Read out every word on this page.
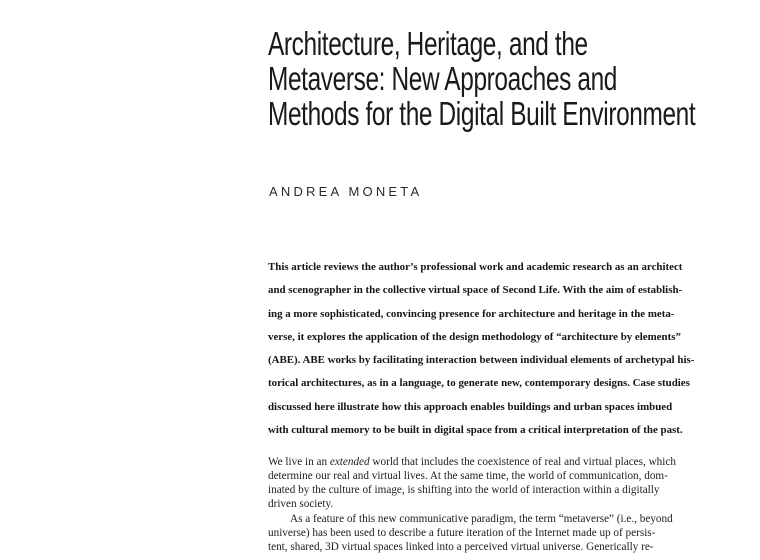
Architecture, Heritage, and the
Metaverse: New Approaches and
Methods for the Digital Built Environment

ANDREA MONETA

This article reviews the author’s professional work and academic research as an architect
and scenographer in the collective virtual space of Second Life. With the aim of establish-
ing a more sophisticated, convincing presence for architecture and heritage in the meta-
verse, it explores the application of the design methodology of “architecture by elements”
(ABE). ABE works by facilitating interaction between individual elements of archetypal his-
torical architectures, as in a language, to generate new, contemporary designs. Case studies
discussed here illustrate how this approach enables buildings and urban spaces imbued
with cultural memory to be built in digital space from a critical interpretation of the past.

We live in an extended world that includes the coexistence of real and virtual places, which
determine our real and virtual lives. At the same time, the world of communication, dom-
inated by the culture of image, is shifting into the world of interaction within a digitally
driven society.
As a feature of this new communicative paradigm, the term “metaverse” (i.e., beyond
universe) has been used to describe a future iteration of the Internet made up of persis-
tent, shared, 3D virtual spaces linked into a perceived virtual universe. Generically re-
